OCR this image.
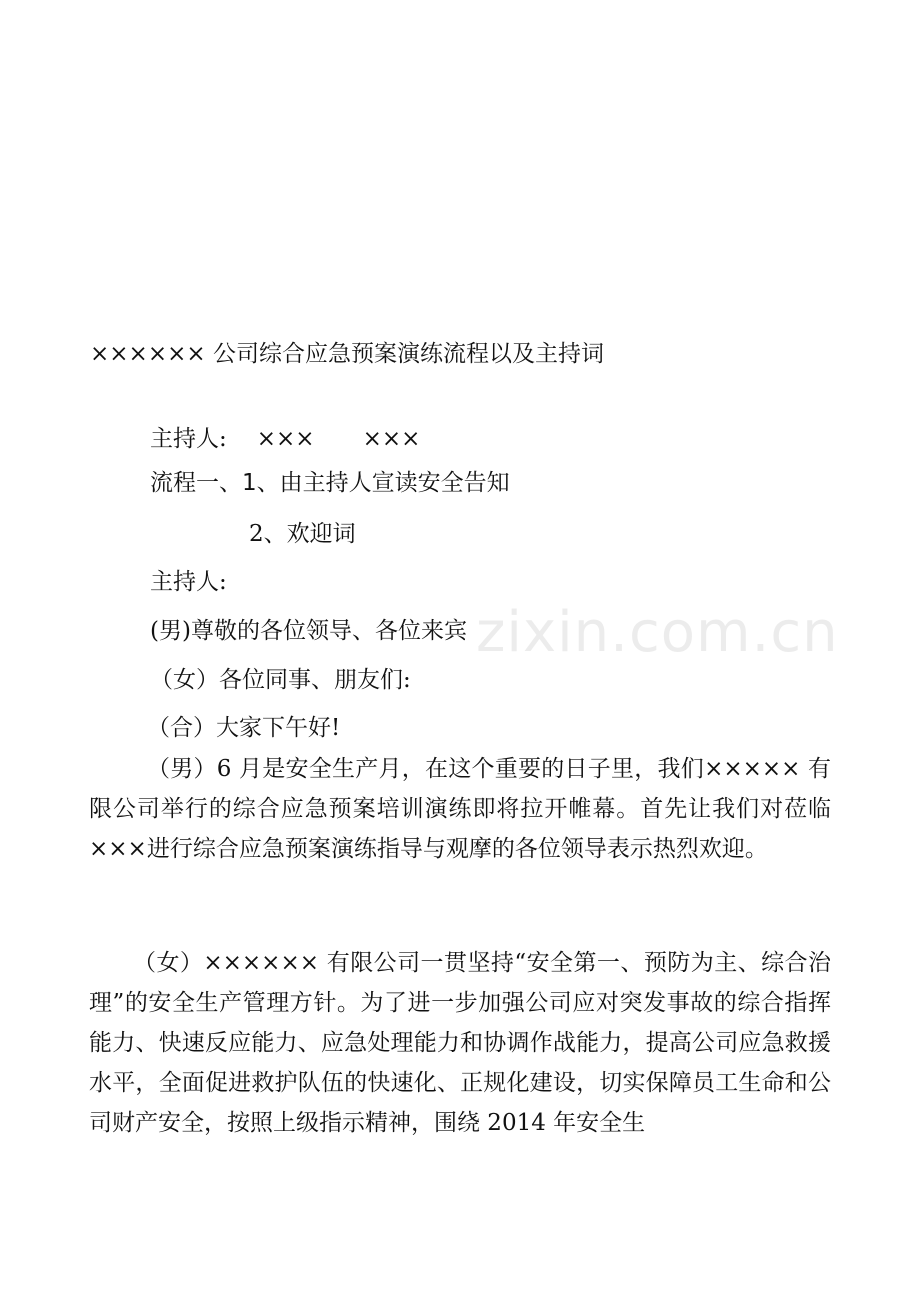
zixin.com.cn
×××××× 公司综合应急预案演练流程以及主持词
主持人: ××× ×××
流程一、1、由主持人宣读安全告知
2、欢迎词
主持人:
(男)尊敬的各位领导、各位来宾
（女）各位同事、朋友们:
（合）大家下午好!
（男）6 月是安全生产月，在这个重要的日子里，我们××××× 有限公司举行的综合应急预案培训演练即将拉开帷幕。首先让我们对莅临×××进行综合应急预案演练指导与观摩的各位领导表示热烈欢迎。
（女）×××××× 有限公司一贯坚持“安全第一、预防为主、综合治理”的安全生产管理方针。为了进一步加强公司应对突发事故的综合指挥能力、快速反应能力、应急处理能力和协调作战能力，提高公司应急救援水平，全面促进救护队伍的快速化、正规化建设，切实保障员工生命和公司财产安全，按照上级指示精神，围绕 2014 年安全生
